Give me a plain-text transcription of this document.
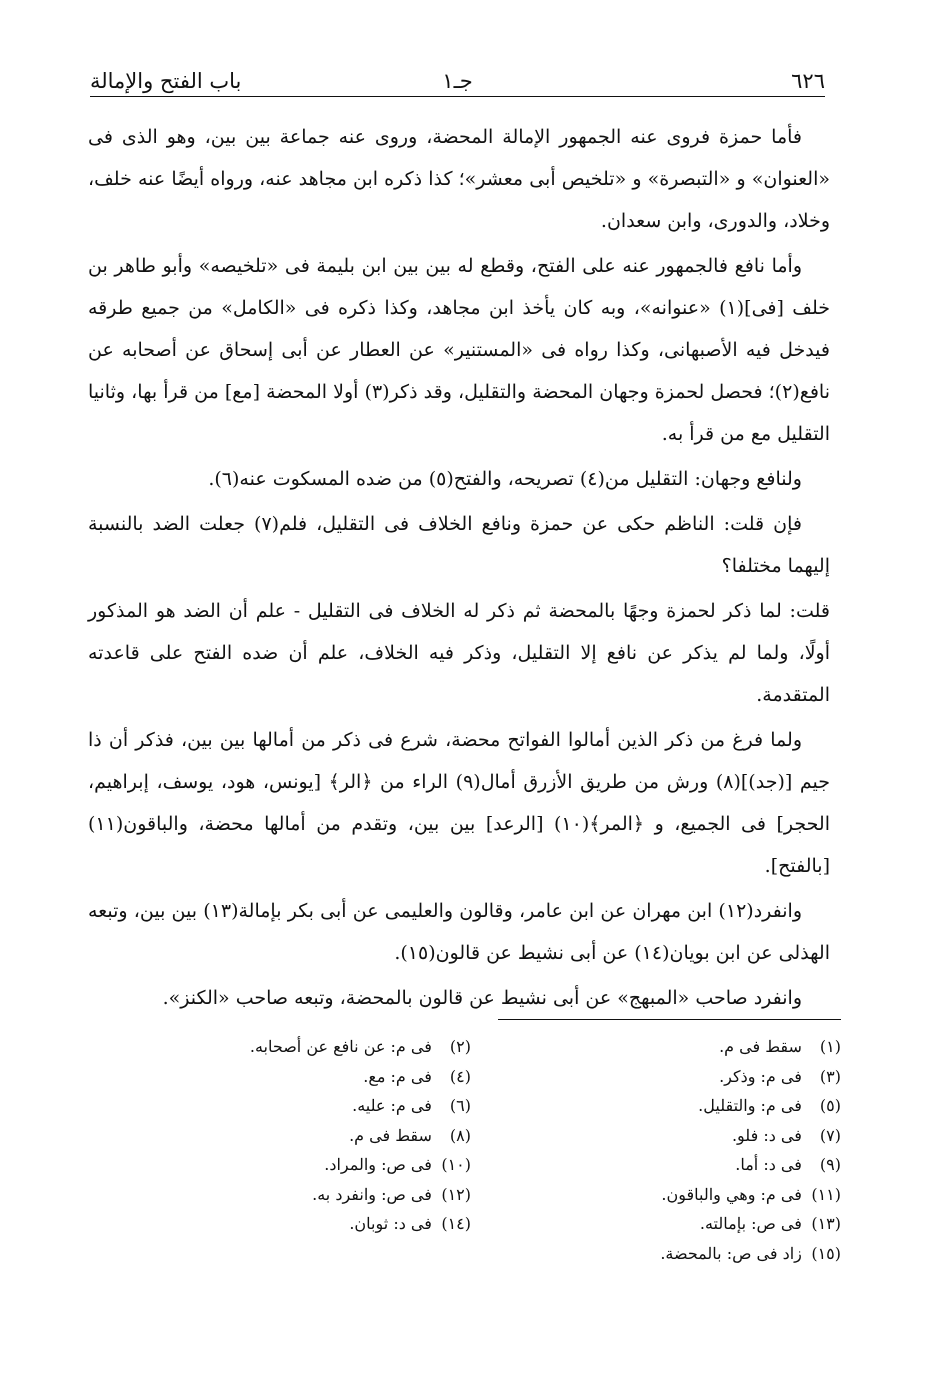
٦٢٦
جـ١
باب الفتح والإمالة

فأما حمزة فروى عنه الجمهور الإمالة المحضة، وروى عنه جماعة بين بين، وهو الذى فى «العنوان» و «التبصرة» و «تلخيص أبى معشر»؛ كذا ذكره ابن مجاهد عنه، ورواه أيضًا عنه خلف، وخلاد، والدورى، وابن سعدان.

وأما نافع فالجمهور عنه على الفتح، وقطع له بين بين ابن بليمة فى «تلخيصه» وأبو طاهر بن خلف [فى](١) «عنوانه»، وبه كان يأخذ ابن مجاهد، وكذا ذكره فى «الكامل» من جميع طرقه فيدخل فيه الأصبهانى، وكذا رواه فى «المستنير» عن العطار عن أبى إسحاق عن أصحابه عن نافع(٢)؛ فحصل لحمزة وجهان المحضة والتقليل، وقد ذكر(٣) أولا المحضة [مع] من قرأ بها، وثانيا التقليل مع من قرأ به.

ولنافع وجهان: التقليل من(٤) تصريحه، والفتح(٥) من ضده المسكوت عنه(٦).

فإن قلت: الناظم حكى عن حمزة ونافع الخلاف فى التقليل، فلم(٧) جعلت الضد بالنسبة إليهما مختلفا؟

قلت: لما ذكر لحمزة وجهًا بالمحضة ثم ذكر له الخلاف فى التقليل - علم أن الضد هو المذكور أولًا، ولما لم يذكر عن نافع إلا التقليل، وذكر فيه الخلاف، علم أن ضده الفتح على قاعدته المتقدمة.

ولما فرغ من ذكر الذين أمالوا الفواتح محضة، شرع فى ذكر من أمالها بين بين، فذكر أن ذا جيم [(جد)](٨) ورش من طريق الأزرق أمال(٩) الراء من ﴿الر﴾ [يونس، هود، يوسف، إبراهيم، الحجر] فى الجميع، و ﴿المر﴾(١٠) [الرعد] بين بين، وتقدم من أمالها محضة، والباقون(١١) [بالفتح].

وانفرد(١٢) ابن مهران عن ابن عامر، وقالون والعليمى عن أبى بكر بإمالة(١٣) بين بين، وتبعه الهذلى عن ابن بويان(١٤) عن أبى نشيط عن قالون(١٥).

وانفرد صاحب «المبهج» عن أبى نشيط عن قالون بالمحضة، وتبعه صاحب «الكنز».

(١) سقط فى م.
(٣) فى م: وذكر.
(٥) فى م: والتقليل.
(٧) فى د: فلو.
(٩) فى د: أما.
(١١) فى م: وهي والباقون.
(١٣) فى ص: بإمالته.
(١٥) زاد فى ص: بالمحضة.
(٢) فى م: عن نافع عن أصحابه.
(٤) فى م: مع.
(٦) فى م: عليه.
(٨) سقط فى م.
(١٠) فى ص: والمراد.
(١٢) فى ص: وانفرد به.
(١٤) فى د: ثوبان.
